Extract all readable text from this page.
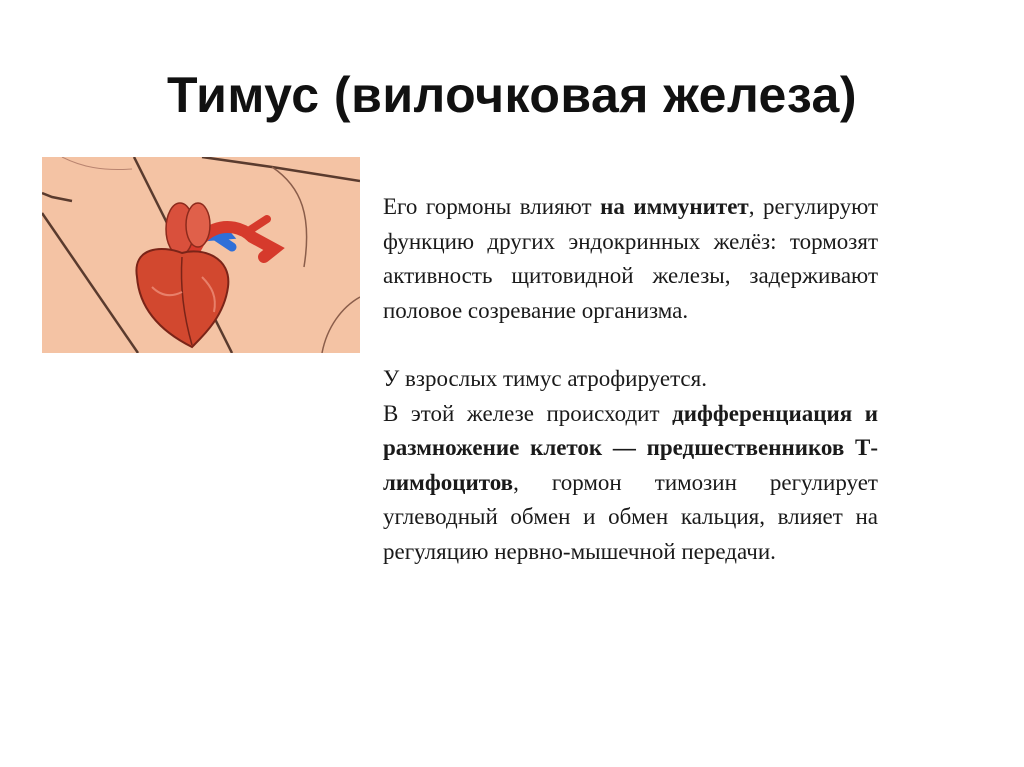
Тимус (вилочковая железа)

Его гормоны влияют на иммунитет, регулируют функцию других эндокринных желёз: тормозят активность щитовидной железы, задерживают половое созревание организма.

У взрослых тимус атрофируется.

В этой железе происходит дифференциация и размножение клеток — предшественников Т-лимфоцитов, гормон тимозин регулирует углеводный обмен и обмен кальция, влияет на регуляцию нервно-мышечной передачи.
